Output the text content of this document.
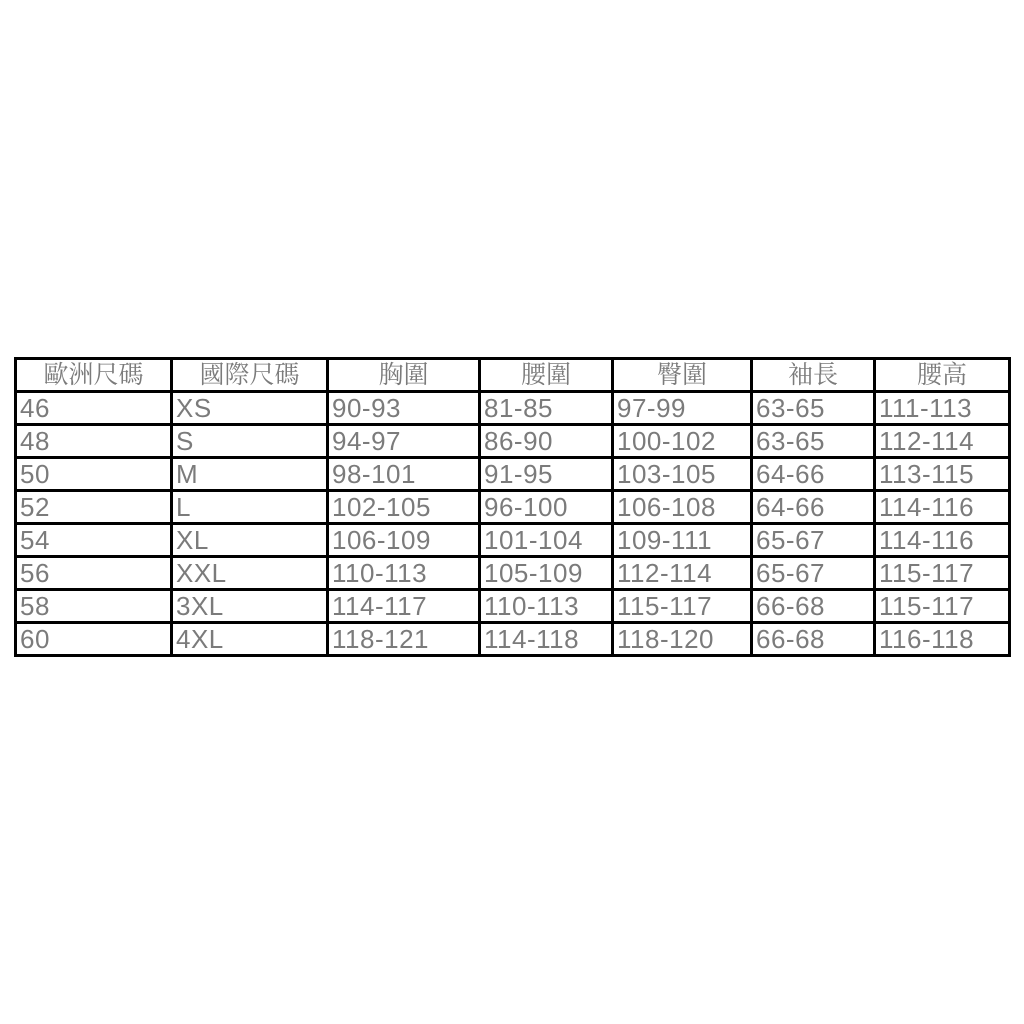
歐洲尺碼	國際尺碼	胸圍	腰圍	臀圍	袖長	腰高
46	XS	90-93	81-85	97-99	63-65	111-113
48	S	94-97	86-90	100-102	63-65	112-114
50	M	98-101	91-95	103-105	64-66	113-115
52	L	102-105	96-100	106-108	64-66	114-116
54	XL	106-109	101-104	109-111	65-67	114-116
56	XXL	110-113	105-109	112-114	65-67	115-117
58	3XL	114-117	110-113	115-117	66-68	115-117
60	4XL	118-121	114-118	118-120	66-68	116-118
